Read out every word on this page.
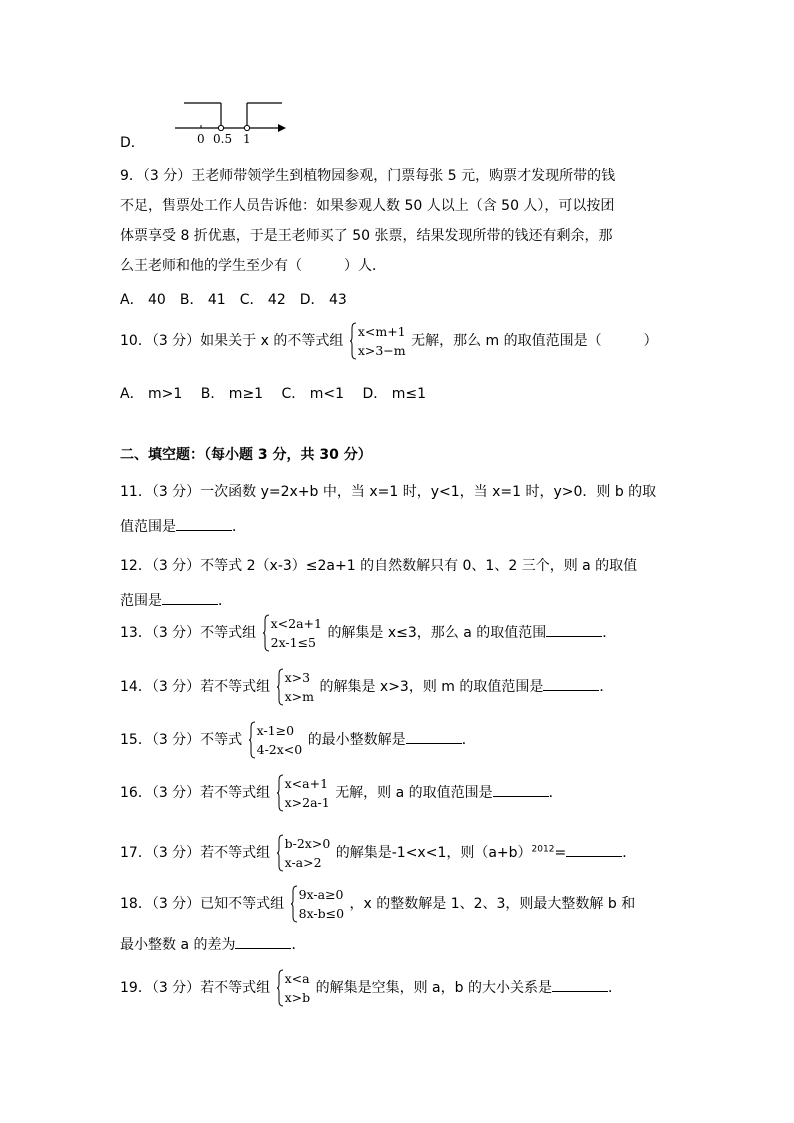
D．	0 0.5 1
9．（3 分）王老师带领学生到植物园参观，门票每张 5 元，购票才发现所带的钱
不足，售票处工作人员告诉他：如果参观人数 50 人以上（含 50 人），可以按团
体票享受 8 折优惠，于是王老师买了 50 张票，结果发现所带的钱还有剩余，那
么王老师和他的学生至少有（	）人．
A． 40　B． 41　C． 42　D． 43
10．（3 分）如果关于 x 的不等式组
x<m+1
x>3−m
无解，那么 m 的取值范围是（	）
A． m>1　 B． m≥1　 C． m<1　 D． m≤1
二、填空题：（每小题 3 分，共 30 分）
11．（3 分）一次函数 y=2x+b 中，当 x=1 时，y<1，当 x=1 时，y>0．则 b 的取
值范围是	．
12．（3 分）不等式 2（x-3）≤2a+1 的自然数解只有 0、1、2 三个，则 a 的取值
范围是	．
13．（3 分）不等式组
x<2a+1
2x-1≤5
的解集是 x≤3，那么 a 的取值范围	．
14．（3 分）若不等式组
x>3
x>m
的解集是 x>3，则 m 的取值范围是	．
15．（3 分）不等式
x-1≥0
4-2x<0
的最小整数解是	．
16．（3 分）若不等式组
x<a+1
x>2a-1
无解，则 a 的取值范围是	．
17．（3 分）若不等式组
b-2x>0
x-a>2
的解集是-1<x<1，则$(a+b)^{2012}=$	．
18．（3 分）已知不等式组
9x-a≥0
8x-b≤0
，x 的整数解是 1、2、3，则最大整数解 b 和
最小整数 a 的差为	．
19．（3 分）若不等式组
x<a
x>b
的解集是空集，则 a，b 的大小关系是	．
